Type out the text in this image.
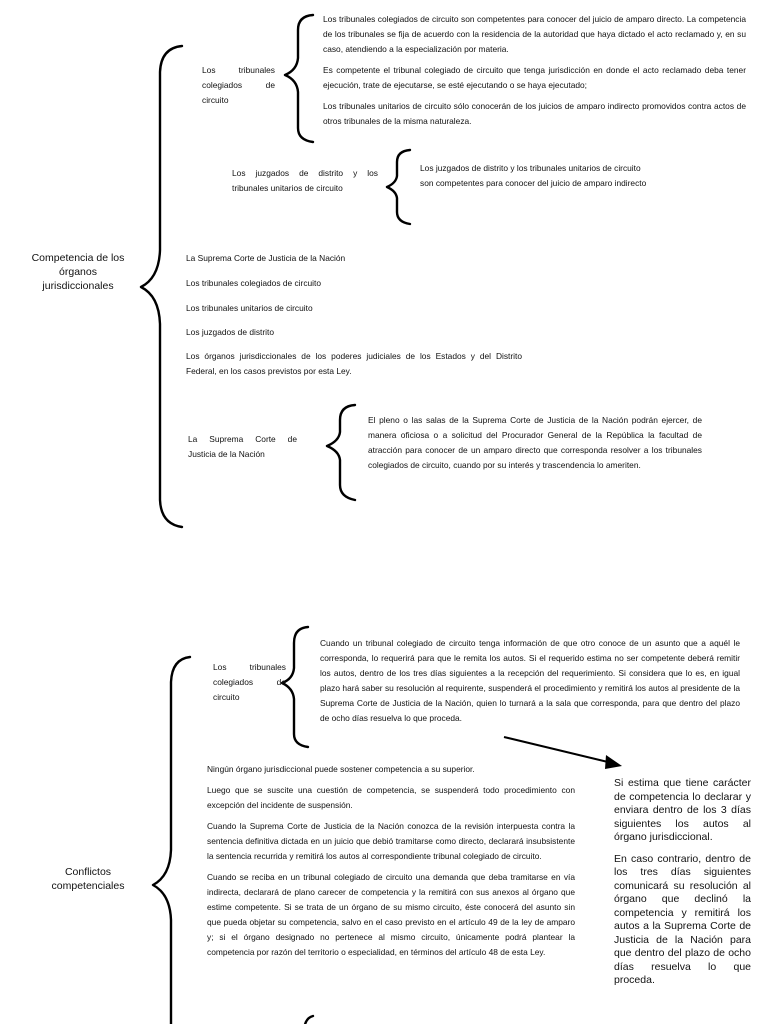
Competencia de los órganos jurisdiccionales
Los tribunales colegiados de circuito

Los tribunales colegiados de circuito son competentes para conocer del juicio de amparo directo. La competencia de los tribunales se fija de acuerdo con la residencia de la autoridad que haya dictado el acto reclamado y, en su caso, atendiendo a la especialización por materia.

Es competente el tribunal colegiado de circuito que tenga jurisdicción en donde el acto reclamado deba tener ejecución, trate de ejecutarse, se esté ejecutando o se haya ejecutado;

Los tribunales unitarios de circuito sólo conocerán de los juicios de amparo indirecto promovidos contra actos de otros tribunales de la misma naturaleza.

Los juzgados de distrito y los tribunales unitarios de circuito
Los juzgados de distrito y los tribunales unitarios de circuito son competentes para conocer del juicio de amparo indirecto
La Suprema Corte de Justicia de la Nación
Los tribunales colegiados de circuito
Los tribunales unitarios de circuito
Los juzgados de distrito
Los órganos jurisdiccionales de los poderes judiciales de los Estados y del Distrito Federal, en los casos previstos por esta Ley.
La Suprema Corte de Justicia de la Nación
El pleno o las salas de la Suprema Corte de Justicia de la Nación podrán ejercer, de manera oficiosa o a solicitud del Procurador General de la República la facultad de atracción para conocer de un amparo directo que corresponda resolver a los tribunales colegiados de circuito, cuando por su interés y trascendencia lo ameriten.
Conflictos competenciales
Los tribunales colegiados de circuito
Cuando un tribunal colegiado de circuito tenga información de que otro conoce de un asunto que a aquél le corresponda, lo requerirá para que le remita los autos. Si el requerido estima no ser competente deberá remitir los autos, dentro de los tres días siguientes a la recepción del requerimiento. Si considera que lo es, en igual plazo hará saber su resolución al requirente, suspenderá el procedimiento y remitirá los autos al presidente de la Suprema Corte de Justicia de la Nación, quien lo turnará a la sala que corresponda, para que dentro del plazo de ocho días resuelva lo que proceda.

Ningún órgano jurisdiccional puede sostener competencia a su superior.

Luego que se suscite una cuestión de competencia, se suspenderá todo procedimiento con excepción del incidente de suspensión.

Cuando la Suprema Corte de Justicia de la Nación conozca de la revisión interpuesta contra la sentencia definitiva dictada en un juicio que debió tramitarse como directo, declarará insubsistente la sentencia recurrida y remitirá los autos al correspondiente tribunal colegiado de circuito.

Cuando se reciba en un tribunal colegiado de circuito una demanda que deba tramitarse en vía indirecta, declarará de plano carecer de competencia y la remitirá con sus anexos al órgano que estime competente. Si se trata de un órgano de su mismo circuito, éste conocerá del asunto sin que pueda objetar su competencia, salvo en el caso previsto en el artículo 49 de la ley de amparo y; si el órgano designado no pertenece al mismo circuito, únicamente podrá plantear la competencia por razón del territorio o especialidad, en términos del artículo 48 de esta Ley.

Si estima que tiene carácter de competencia lo declarar y enviara dentro de los 3 días siguientes los autos al órgano jurisdiccional.

En caso contrario, dentro de los tres días siguientes comunicará su resolución al órgano que declinó la competencia y remitirá los autos a la Suprema Corte de Justicia de la Nación para que dentro del plazo de ocho días resuelva lo que proceda.
